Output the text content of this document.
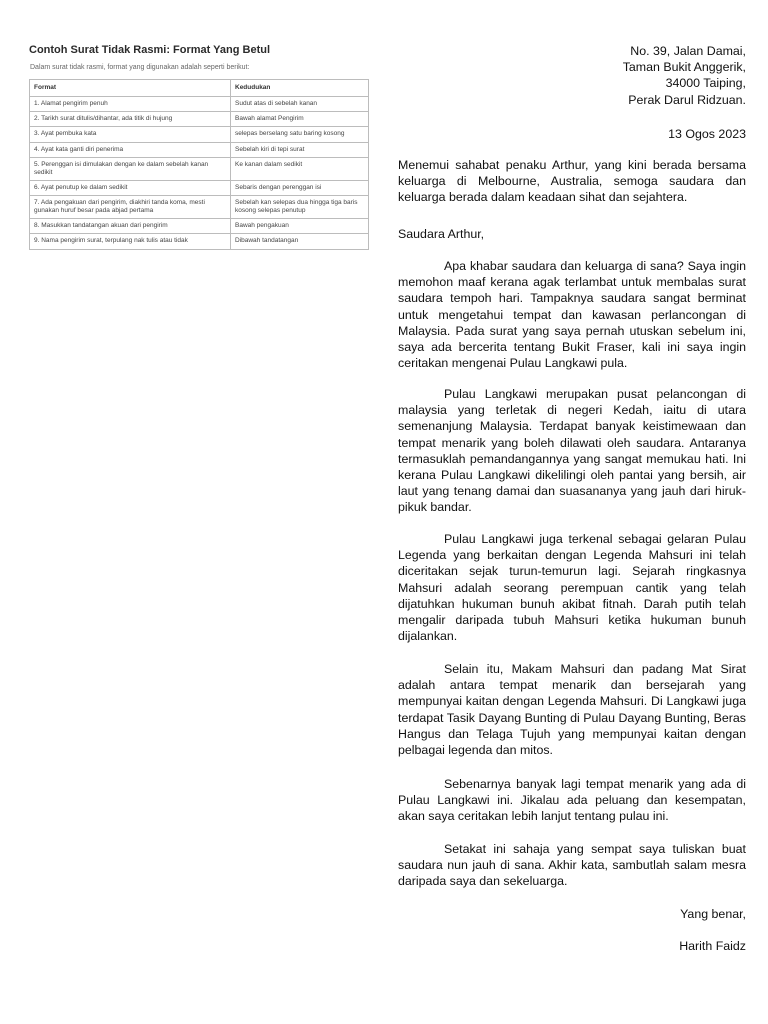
Contoh Surat Tidak Rasmi: Format Yang Betul
Dalam surat tidak rasmi, format yang digunakan adalah seperti berikut:
Format	Kedudukan
1. Alamat pengirim penuh	Sudut atas di sebelah kanan
2. Tarikh surat ditulis/dihantar, ada titik di hujung	Bawah alamat Pengirim
3. Ayat pembuka kata	selepas berselang satu baring kosong
4. Ayat kata ganti diri penerima	Sebelah kiri di tepi surat
5. Perenggan isi dimulakan dengan ke dalam sebelah kanan sedikit	Ke kanan dalam sedikit
6. Ayat penutup ke dalam sedikit	Sebaris dengan perenggan isi
7. Ada pengakuan dari pengirim, diakhiri tanda koma, mesti gunakan huruf besar pada abjad pertama	Sebelah kan selepas dua hingga tiga baris kosong selepas penutup
8. Masukkan tandatangan akuan dari pengirim	Bawah pengakuan
9. Nama pengirim surat, terpulang nak tulis atau tidak	Dibawah tandatangan
No. 39, Jalan Damai,
Taman Bukit Anggerik,
34000 Taiping,
Perak Darul Ridzuan.
13 Ogos 2023

Menemui sahabat penaku Arthur, yang kini berada bersama keluarga di Melbourne, Australia, semoga saudara dan keluarga berada dalam keadaan sihat dan sejahtera.

Saudara Arthur,

Apa khabar saudara dan keluarga di sana? Saya ingin memohon maaf kerana agak terlambat untuk membalas surat saudara tempoh hari. Tampaknya saudara sangat berminat untuk mengetahui tempat dan kawasan perlancongan di Malaysia. Pada surat yang saya pernah utuskan sebelum ini, saya ada bercerita tentang Bukit Fraser, kali ini saya ingin ceritakan mengenai Pulau Langkawi pula.

Pulau Langkawi merupakan pusat pelancongan di malaysia yang terletak di negeri Kedah, iaitu di utara semenanjung Malaysia. Terdapat banyak keistimewaan dan tempat menarik yang boleh dilawati oleh saudara. Antaranya termasuklah pemandangannya yang sangat memukau hati. Ini kerana Pulau Langkawi dikelilingi oleh pantai yang bersih, air laut yang tenang damai dan suasananya yang jauh dari hiruk-pikuk bandar.

Pulau Langkawi juga terkenal sebagai gelaran Pulau Legenda yang berkaitan dengan Legenda Mahsuri ini telah diceritakan sejak turun-temurun lagi. Sejarah ringkasnya Mahsuri adalah seorang perempuan cantik yang telah dijatuhkan hukuman bunuh akibat fitnah. Darah putih telah mengalir daripada tubuh Mahsuri ketika hukuman bunuh dijalankan.

Selain itu, Makam Mahsuri dan padang Mat Sirat adalah antara tempat menarik dan bersejarah yang mempunyai kaitan dengan Legenda Mahsuri. Di Langkawi juga terdapat Tasik Dayang Bunting di Pulau Dayang Bunting, Beras Hangus dan Telaga Tujuh yang mempunyai kaitan dengan pelbagai legenda dan mitos.

Sebenarnya banyak lagi tempat menarik yang ada di Pulau Langkawi ini. Jikalau ada peluang dan kesempatan, akan saya ceritakan lebih lanjut tentang pulau ini.

Setakat ini sahaja yang sempat saya tuliskan buat saudara nun jauh di sana. Akhir kata, sambutlah salam mesra daripada saya dan sekeluarga.

Yang benar,
Harith Faidz
